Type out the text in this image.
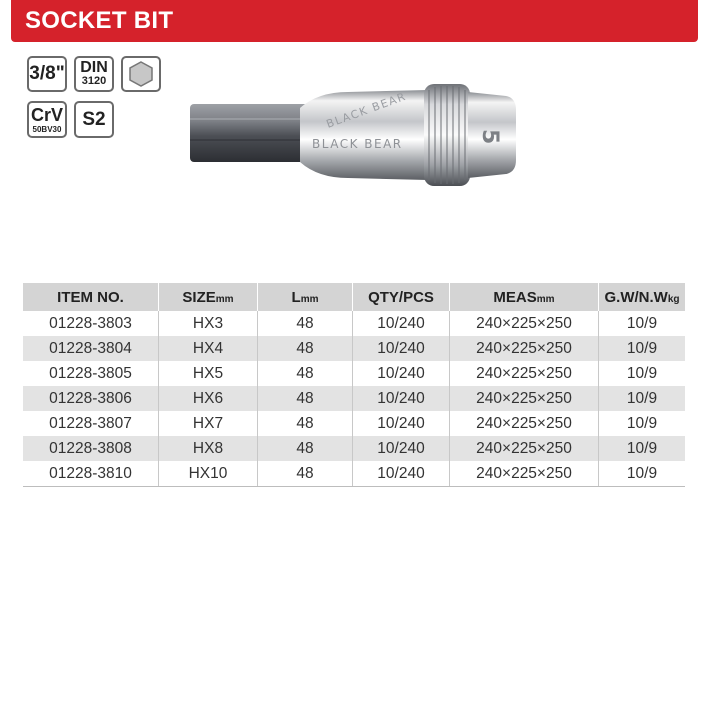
SOCKET BIT
3/8" DIN
3120
CrV
50BV30	S2
5
BLACK BEAR
BLACK BEAR
ITEM NO.	SIZEmm	Lmm	QTY/PCS	MEASmm	G.W/N.Wkg
01228-3803	HX3	48	10/240	240×225×250	10/9
01228-3804	HX4	48	10/240	240×225×250	10/9
01228-3805	HX5	48	10/240	240×225×250	10/9
01228-3806	HX6	48	10/240	240×225×250	10/9
01228-3807	HX7	48	10/240	240×225×250	10/9
01228-3808	HX8	48	10/240	240×225×250	10/9
01228-3810	HX10	48	10/240	240×225×250	10/9
